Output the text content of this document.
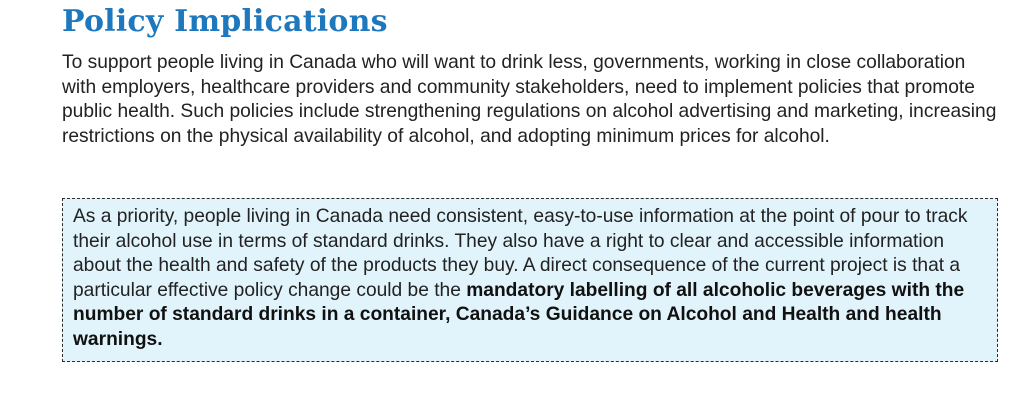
Policy Implications

To support people living in Canada who will want to drink less, governments, working in close collaboration with employers, healthcare providers and community stakeholders, need to implement policies that promote public health. Such policies include strengthening regulations on alcohol advertising and marketing, increasing restrictions on the physical availability of alcohol, and adopting minimum prices for alcohol.

As a priority, people living in Canada need consistent, easy-to-use information at the point of pour to track their alcohol use in terms of standard drinks. They also have a right to clear and accessible information about the health and safety of the products they buy. A direct consequence of the current project is that a particular effective policy change could be the mandatory labelling of all alcoholic beverages with the number of standard drinks in a container, Canada’s Guidance on Alcohol and Health and health warnings.
